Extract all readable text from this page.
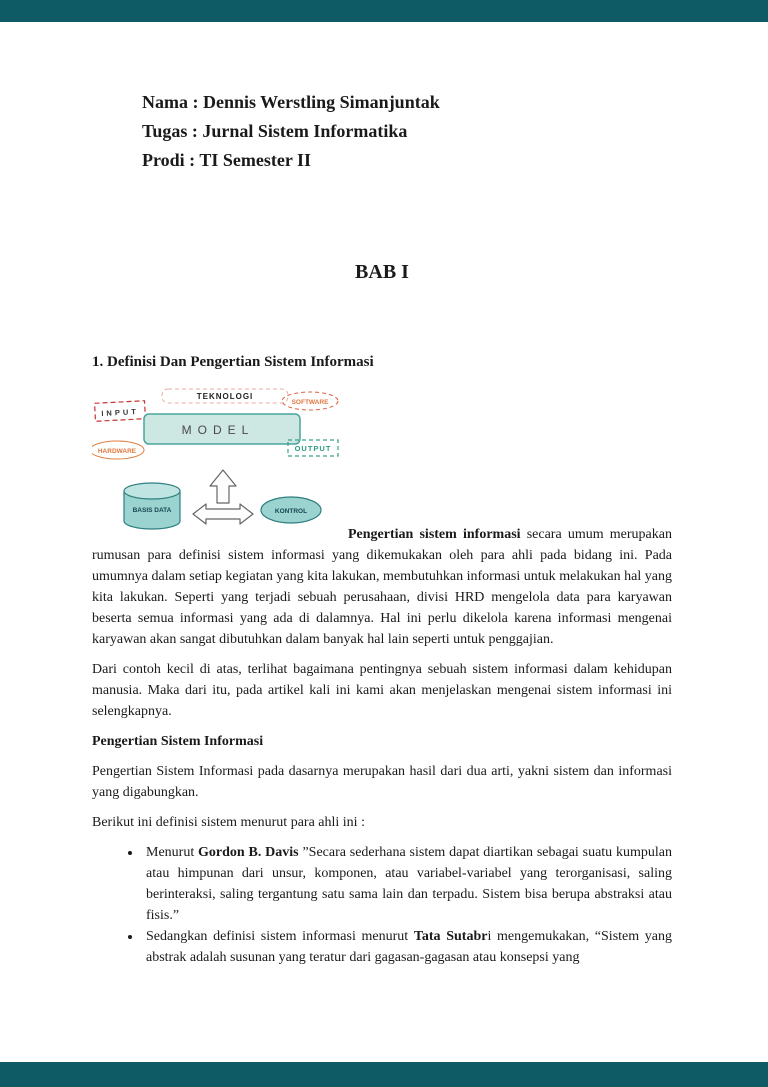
Nama : Dennis Werstling Simanjuntak
Tugas : Jurnal Sistem Informatika
Prodi : TI Semester II
BAB I
1. Definisi Dan Pengertian Sistem Informasi

TEKNOLOGI
SOFTWARE
INPUT
MODEL
HARDWARE	OUTPUT
BASIS DATA	KONTROL
Pengertian sistem informasi secara umum merupakan rumusan para definisi sistem informasi yang dikemukakan oleh para ahli pada bidang ini. Pada umumnya dalam setiap kegiatan yang kita lakukan, membutuhkan informasi untuk melakukan hal yang kita lakukan. Seperti yang terjadi sebuah perusahaan, divisi HRD mengelola data para karyawan beserta semua informasi yang ada di dalamnya. Hal ini perlu dikelola karena informasi mengenai karyawan akan sangat dibutuhkan dalam banyak hal lain seperti untuk penggajian.

Dari contoh kecil di atas, terlihat bagaimana pentingnya sebuah sistem informasi dalam kehidupan manusia. Maka dari itu, pada artikel kali ini kami akan menjelaskan mengenai sistem informasi ini selengkapnya.

Pengertian Sistem Informasi

Pengertian Sistem Informasi pada dasarnya merupakan hasil dari dua arti, yakni sistem dan informasi yang digabungkan.

Berikut ini definisi sistem menurut para ahli ini :

• Menurut Gordon B. Davis ”Secara sederhana sistem dapat diartikan sebagai suatu kumpulan atau himpunan dari unsur, komponen, atau variabel-variabel yang terorganisasi, saling berinteraksi, saling tergantung satu sama lain dan terpadu. Sistem bisa berupa abstraksi atau fisis.”
• Sedangkan definisi sistem informasi menurut Tata Sutabri mengemukakan, “Sistem yang abstrak adalah susunan yang teratur dari gagasan-gagasan atau konsepsi yang
